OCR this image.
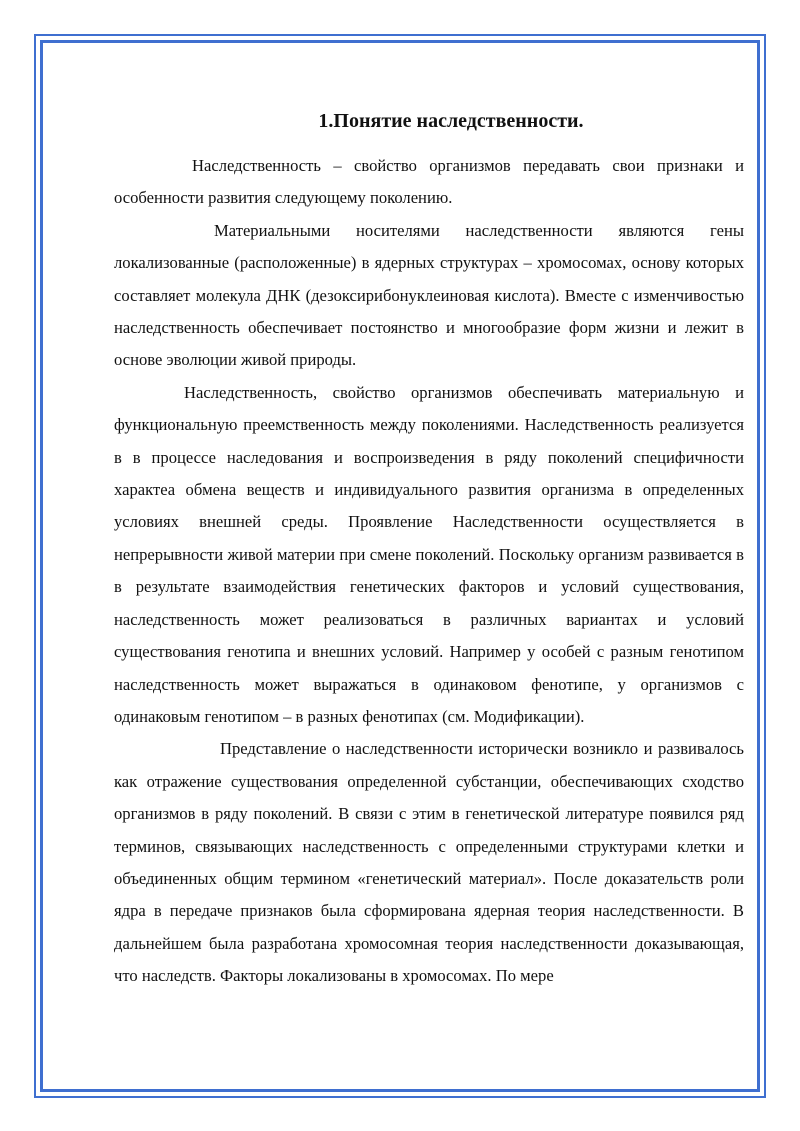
1.Понятие наследственности.

Наследственность – свойство организмов передавать свои признаки и особенности развития следующему поколению.

Материальными носителями наследственности являются гены локализованные (расположенные) в ядерных структурах – хромосомах, основу которых составляет молекула ДНК (дезоксирибонуклеиновая кислота). Вместе с изменчивостью наследственность обеспечивает постоянство и многообразие форм жизни и лежит в основе эволюции живой природы.

Наследственность, свойство организмов обеспечивать материальную и функциональную преемственность между поколениями. Наследственность реализуется в в процессе наследования и воспроизведения в ряду поколений специфичности характеа обмена веществ и индивидуального развития организма в определенных условиях внешней среды. Проявление Наследственности осуществляется в непрерывности живой материи при смене поколений. Поскольку организм развивается в в результате взаимодействия генетических факторов и условий существования, наследственность может реализоваться в различных вариантах и условий существования генотипа и внешних условий. Например у особей с разным генотипом наследственность может выражаться в одинаковом фенотипе, у организмов с одинаковым генотипом – в разных фенотипах (см. Модификации).

Представление о наследственности исторически возникло и развивалось как отражение существования определенной субстанции, обеспечивающих сходство организмов в ряду поколений. В связи с этим в генетической литературе появился ряд терминов, связывающих наследственность с определенными структурами клетки и объединенных общим термином «генетический материал». После доказательств роли ядра в передаче признаков была сформирована ядерная теория наследственности. В дальнейшем была разработана хромосомная теория наследственности доказывающая, что наследств. Факторы локализованы в хромосомах. По мере
